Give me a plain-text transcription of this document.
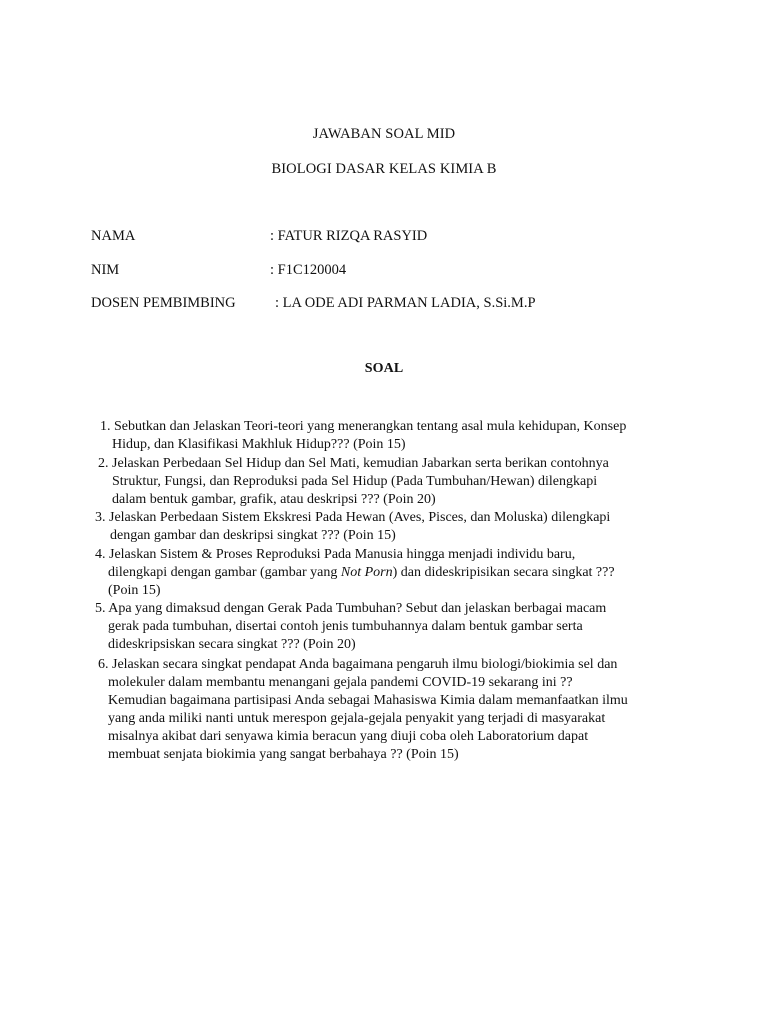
JAWABAN SOAL MID
BIOLOGI DASAR KELAS KIMIA B
NAMA	: FATUR RIZQA RASYID
NIM	: F1C120004
DOSEN PEMBIMBING	: LA ODE ADI PARMAN LADIA, S.Si.M.P
SOAL
1. Sebutkan dan Jelaskan Teori-teori yang menerangkan tentang asal mula kehidupan, Konsep
Hidup, dan Klasifikasi Makhluk Hidup??? (Poin 15)
2. Jelaskan Perbedaan Sel Hidup dan Sel Mati, kemudian Jabarkan serta berikan contohnya
Struktur, Fungsi, dan Reproduksi pada Sel Hidup (Pada Tumbuhan/Hewan) dilengkapi
dalam bentuk gambar, grafik, atau deskripsi ??? (Poin 20)
3. Jelaskan Perbedaan Sistem Ekskresi Pada Hewan (Aves, Pisces, dan Moluska) dilengkapi
dengan gambar dan deskripsi singkat ??? (Poin 15)
4. Jelaskan Sistem & Proses Reproduksi Pada Manusia hingga menjadi individu baru,
dilengkapi dengan gambar (gambar yang Not Porn) dan dideskripisikan secara singkat ???
(Poin 15)
5. Apa yang dimaksud dengan Gerak Pada Tumbuhan? Sebut dan jelaskan berbagai macam
gerak pada tumbuhan, disertai contoh jenis tumbuhannya dalam bentuk gambar serta
dideskripsiskan secara singkat ??? (Poin 20)
6. Jelaskan secara singkat pendapat Anda bagaimana pengaruh ilmu biologi/biokimia sel dan
molekuler dalam membantu menangani gejala pandemi COVID-19 sekarang ini ??
Kemudian bagaimana partisipasi Anda sebagai Mahasiswa Kimia dalam memanfaatkan ilmu
yang anda miliki nanti untuk merespon gejala-gejala penyakit yang terjadi di masyarakat
misalnya akibat dari senyawa kimia beracun yang diuji coba oleh Laboratorium dapat
membuat senjata biokimia yang sangat berbahaya ?? (Poin 15)
